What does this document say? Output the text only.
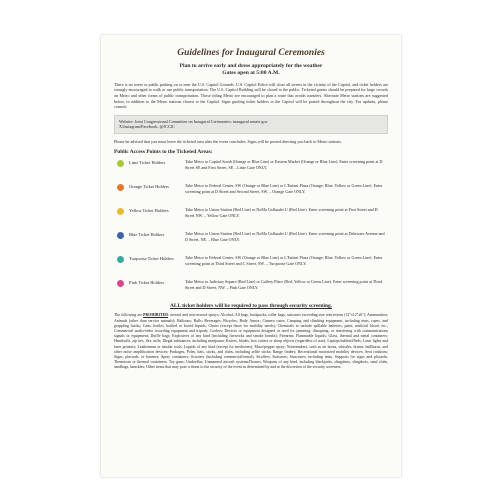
Guidelines for Inaugural Ceremonies
Plan to arrive early and dress appropriately for the weather
Gates open at 5:00 A.M.

There is no street or public parking on or near the U.S. Capitol Grounds. U.S. Capitol Police will close all streets in the vicinity of the Capitol, and ticket holders are strongly encouraged to walk or use public transportation. The U.S. Capitol Building will be closed to the public. Ticketed guests should be prepared for large crowds on Metro and other forms of public transportation. Those riding Metro are encouraged to plan a route that avoids transfers. Alternate Metro stations are suggested below, in addition to the Metro stations closest to the Capitol. Signs guiding ticket holders to the Capitol will be posted throughout the city. For updates, please consult:

Website: Joint Congressional Committee on Inaugural Ceremonies: inaugural.senate.gov
X/Instagram/Facebook: @JCCIC

Please be advised that you must leave the ticketed area after the event concludes. Signs will be posted directing you back to Metro stations.

Public Access Points to the Ticketed Areas:
Lime Ticket Holders	Take Metro to Capitol South (Orange or Blue Line) or Eastern Market (Orange or Blue Line). Enter screening point at D Street SE and First Street, SE – Lime Gate ONLY.
Orange Ticket Holders	Take Metro to Federal Center, SW (Orange or Blue Line) or L'Enfant Plaza (Orange, Blue, Yellow or Green Line). Enter screening point at D Street and Second Street, SW. – Orange Gate ONLY.
Yellow Ticket Holders	Take Metro to Union Station (Red Line) or NoMa Gallaudet U (Red Line). Enter screening point at First Street and D Street NW. – Yellow Gate ONLY.
Blue Ticket Holders	Take Metro to Union Station (Red Line) or NoMa Gallaudet U (Red Line). Enter screening point at Delaware Avenue and D Street, NE. – Blue Gate ONLY.
Turquoise Ticket Holders	Take Metro to Federal Center, SW (Orange or Blue Line) or L'Enfant Plaza (Orange, Blue, Yellow or Green Line). Enter screening point at Third Street and C Street, SW. – Turquoise Gate ONLY.
Pink Ticket Holders	Take Metro to Judiciary Square (Red Line) or Gallery Place (Red, Yellow or Green Line). Enter screening point at Third Street and D Street, NW. – Pink Gate ONLY.
ALL ticket holders will be required to pass through security screening.

The following are PROHIBITED: aerosol and non-aerosol sprays; Alcohol; All bags, backpacks, roller bags, suitcases exceeding size restrictions (12"x12"x6"); Ammunition; Animals (other than service animals); Balloons; Balls; Beverages; Bicycles; Body Armor; Camera cases; Camping and climbing equipment, including tents, ropes, and grappling hooks; Cans, bottles, bottled or boxed liquids; Chairs (except those for mobility needs); Chemicals to include spillable batteries, paint, artificial blood, etc.; Commercial audio/video recording equipment and tripods; Coolers; Devices or equipment designed or used for jamming, disrupting, or interfering with communications signals or equipment; Duffle bags; Explosives of any kind (including fireworks and smoke bombs); Firearms; Flammable liquids; Glass, thermal and metal containers; Handcuffs, zip ties, flex cuffs; Illegal substances, including marijuana; Knives, blades, box cutters or sharp objects (regardless of size); Laptops/tablets/iPads; Laser lights and laser pointers; Leatherman or similar tools; Liquids of any kind (except for medicines); Mace/pepper spray; Noisemakers, such as air horns, whistles, drums, bullhorns, and other noise amplification devices; Packages, Poles, bats, sticks, and clubs, including selfie sticks; Range finders; Recreational motorized mobility devices; Seat cushions; Signs, placards, or banners; Spray containers; Scooters (including commercial/rental); Strollers; Suitcases; Structures, including tents, Supports for signs and placards; Thermoses or thermal containers; Toy guns; Umbrellas; Unmanned aircraft systems/Drones; Weapons of any kind, including blackjacks, slingshots, slingshots, sand clubs, sandbags, knuckles; Other items that may pose a threat to the security of the event as determined by and at the discretion of the security screeners.
